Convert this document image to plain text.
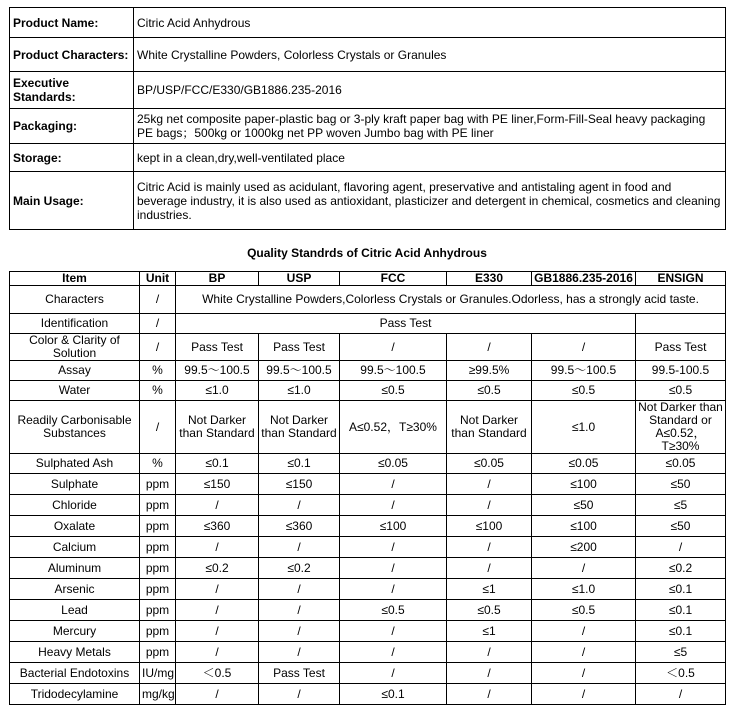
Product Name:	Citric Acid Anhydrous
Product Characters:	White Crystalline Powders, Colorless Crystals or Granules
Executive Standards:	BP/USP/FCC/E330/GB1886.235-2016
Packaging:	25kg net composite paper-plastic bag or 3-ply kraft paper bag with PE liner,Form-Fill-Seal heavy packaging PE bags；500kg or 1000kg net PP woven Jumbo bag with PE liner
Storage:	kept in a clean,dry,well-ventilated place
Main Usage:	Citric Acid is mainly used as acidulant, flavoring agent, preservative and antistaling agent in food and beverage industry, it is also used as antioxidant, plasticizer and detergent in chemical, cosmetics and cleaning industries.
Quality Standrds of Citric Acid Anhydrous
Item	Unit	BP	USP	FCC	E330	GB1886.235-2016	ENSIGN
Characters	/	White Crystalline Powders,Colorless Crystals or Granules.Odorless, has a strongly acid taste.					
Identification	/	Pass Test					
Color & Clarity of Solution	/	Pass Test	Pass Test	/	/	/	Pass Test
Assay	%	99.5～100.5	99.5～100.5	99.5～100.5	≥99.5%	99.5～100.5	99.5-100.5
Water	%	≤1.0	≤1.0	≤0.5	≤0.5	≤0.5	≤0.5
Readily Carbonisable Substances	/	Not Darker than Standard	Not Darker than Standard	A≤0.52，T≥30%	Not Darker than Standard	≤1.0	Not Darker than Standard or A≤0.52，T≥30%
Sulphated Ash	%	≤0.1	≤0.1	≤0.05	≤0.05	≤0.05	≤0.05
Sulphate	ppm	≤150	≤150	/	/	≤100	≤50
Chloride	ppm	/	/	/	/	≤50	≤5
Oxalate	ppm	≤360	≤360	≤100	≤100	≤100	≤50
Calcium	ppm	/	/	/	/	≤200	/
Aluminum	ppm	≤0.2	≤0.2	/	/	/	≤0.2
Arsenic	ppm	/	/	/	≤1	≤1.0	≤0.1
Lead	ppm	/	/	≤0.5	≤0.5	≤0.5	≤0.1
Mercury	ppm	/	/	/	≤1	/	≤0.1
Heavy Metals	ppm	/	/	/	/	/	≤5
Bacterial Endotoxins	IU/mg	＜0.5	Pass Test	/	/	/	＜0.5
Tridodecylamine	mg/kg	/	/	≤0.1	/	/	/
